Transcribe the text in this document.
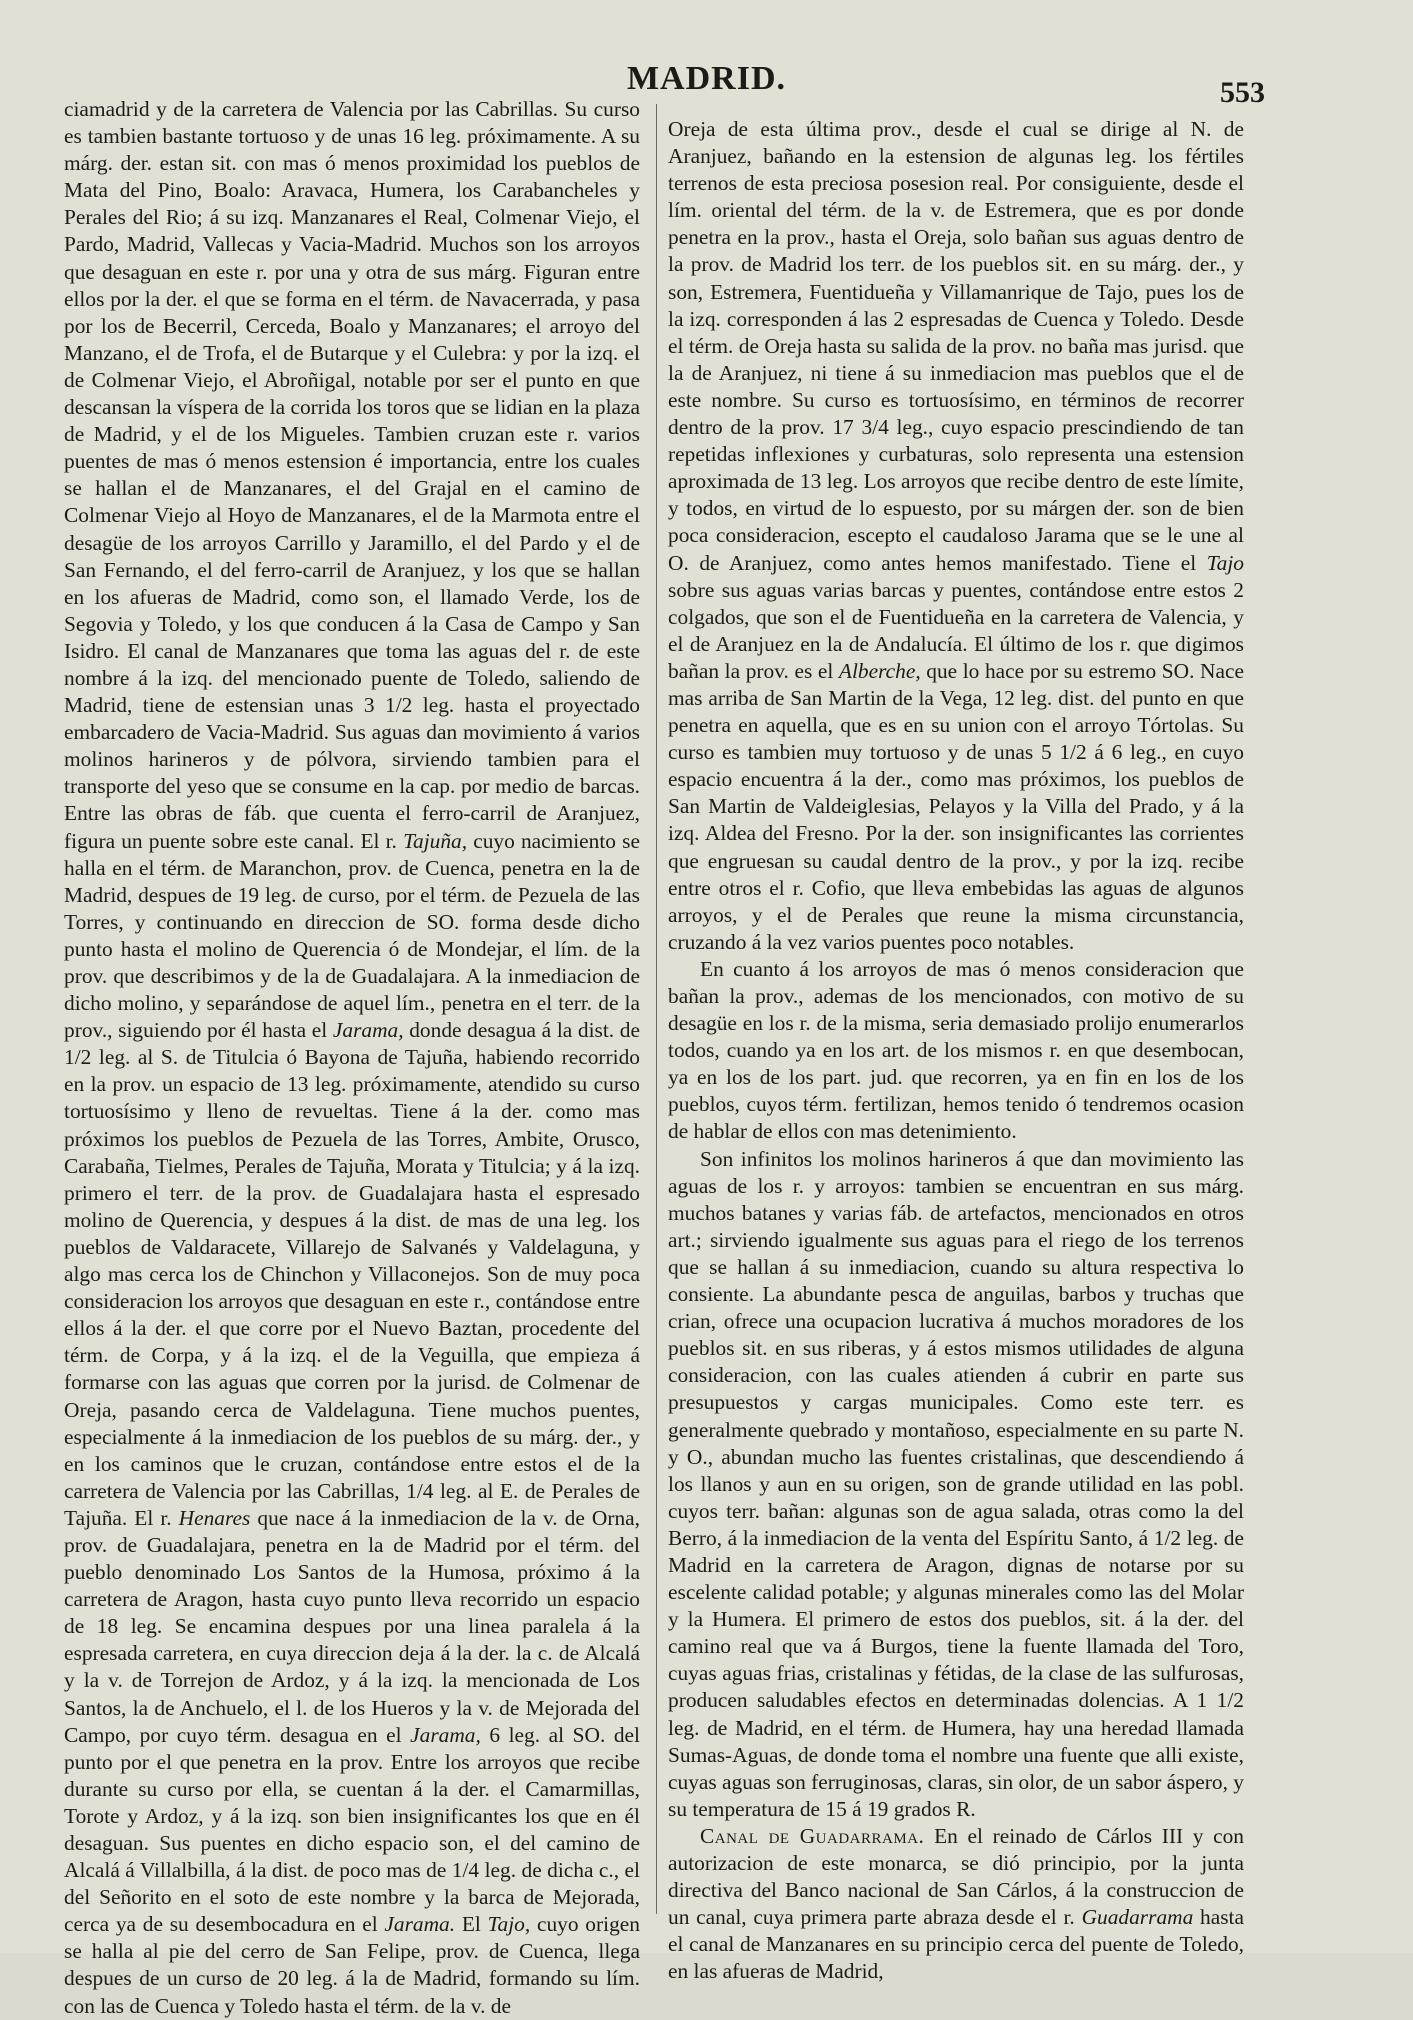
MADRID.	553

ciamadrid y de la carretera de Valencia por las Cabrillas. Su curso es tambien bastante tortuoso y de unas 16 leg. próximamente. A su márg. der. estan sit. con mas ó menos proximidad los pueblos de Mata del Pino, Boalo: Aravaca, Humera, los Carabancheles y Perales del Rio; á su izq. Manzanares el Real, Colmenar Viejo, el Pardo, Madrid, Vallecas y Vacia-Madrid. Muchos son los arroyos que desaguan en este r. por una y otra de sus márg. Figuran entre ellos por la der. el que se forma en el térm. de Navacerrada, y pasa por los de Becerril, Cerceda, Boalo y Manzanares; el arroyo del Manzano, el de Trofa, el de Butarque y el Culebra: y por la izq. el de Colmenar Viejo, el Abroñigal, notable por ser el punto en que descansan la víspera de la corrida los toros que se lidian en la plaza de Madrid, y el de los Migueles. Tambien cruzan este r. varios puentes de mas ó menos estension é importancia, entre los cuales se hallan el de Manzanares, el del Grajal en el camino de Colmenar Viejo al Hoyo de Manzanares, el de la Marmota entre el desagüe de los arroyos Carrillo y Jaramillo, el del Pardo y el de San Fernando, el del ferro-carril de Aranjuez, y los que se hallan en los afueras de Madrid, como son, el llamado Verde, los de Segovia y Toledo, y los que conducen á la Casa de Campo y San Isidro. El canal de Manzanares que toma las aguas del r. de este nombre á la izq. del mencionado puente de Toledo, saliendo de Madrid, tiene de estensian unas 3 1/2 leg. hasta el proyectado embarcadero de Vacia-Madrid. Sus aguas dan movimiento á varios molinos harineros y de pólvora, sirviendo tambien para el transporte del yeso que se consume en la cap. por medio de barcas. Entre las obras de fáb. que cuenta el ferro-carril de Aranjuez, figura un puente sobre este canal. El r. Tajuña, cuyo nacimiento se halla en el térm. de Maranchon, prov. de Cuenca, penetra en la de Madrid, despues de 19 leg. de curso, por el térm. de Pezuela de las Torres, y continuando en direccion de SO. forma desde dicho punto hasta el molino de Querencia ó de Mondejar, el lím. de la prov. que describimos y de la de Guadalajara. A la inmediacion de dicho molino, y separándose de aquel lím., penetra en el terr. de la prov., siguiendo por él hasta el Jarama, donde desagua á la dist. de 1/2 leg. al S. de Titulcia ó Bayona de Tajuña, habiendo recorrido en la prov. un espacio de 13 leg. próximamente, atendido su curso tortuosísimo y lleno de revueltas. Tiene á la der. como mas próximos los pueblos de Pezuela de las Torres, Ambite, Orusco, Carabaña, Tielmes, Perales de Tajuña, Morata y Titulcia; y á la izq. primero el terr. de la prov. de Guadalajara hasta el espresado molino de Querencia, y despues á la dist. de mas de una leg. los pueblos de Valdaracete, Villarejo de Salvanés y Valdelaguna, y algo mas cerca los de Chinchon y Villaconejos. Son de muy poca consideracion los arroyos que desaguan en este r., contándose entre ellos á la der. el que corre por el Nuevo Baztan, procedente del térm. de Corpa, y á la izq. el de la Veguilla, que empieza á formarse con las aguas que corren por la jurisd. de Colmenar de Oreja, pasando cerca de Valdelaguna. Tiene muchos puentes, especialmente á la inmediacion de los pueblos de su márg. der., y en los caminos que le cruzan, contándose entre estos el de la carretera de Valencia por las Cabrillas, 1/4 leg. al E. de Perales de Tajuña. El r. Henares que nace á la inmediacion de la v. de Orna, prov. de Guadalajara, penetra en la de Madrid por el térm. del pueblo denominado Los Santos de la Humosa, próximo á la carretera de Aragon, hasta cuyo punto lleva recorrido un espacio de 18 leg. Se encamina despues por una linea paralela á la espresada carretera, en cuya direccion deja á la der. la c. de Alcalá y la v. de Torrejon de Ardoz, y á la izq. la mencionada de Los Santos, la de Anchuelo, el l. de los Hueros y la v. de Mejorada del Campo, por cuyo térm. desagua en el Jarama, 6 leg. al SO. del punto por el que penetra en la prov. Entre los arroyos que recibe durante su curso por ella, se cuentan á la der. el Camarmillas, Torote y Ardoz, y á la izq. son bien insignificantes los que en él desaguan. Sus puentes en dicho espacio son, el del camino de Alcalá á Villalbilla, á la dist. de poco mas de 1/4 leg. de dicha c., el del Señorito en el soto de este nombre y la barca de Mejorada, cerca ya de su desembocadura en el Jarama. El Tajo, cuyo origen se halla al pie del cerro de San Felipe, prov. de Cuenca, llega despues de un curso de 20 leg. á la de Madrid, formando su lím. con las de Cuenca y Toledo hasta el térm. de la v. de

Oreja de esta última prov., desde el cual se dirige al N. de Aranjuez, bañando en la estension de algunas leg. los fértiles terrenos de esta preciosa posesion real. Por consiguiente, desde el lím. oriental del térm. de la v. de Estremera, que es por donde penetra en la prov., hasta el Oreja, solo bañan sus aguas dentro de la prov. de Madrid los terr. de los pueblos sit. en su márg. der., y son, Estremera, Fuentidueña y Villamanrique de Tajo, pues los de la izq. corresponden á las 2 espresadas de Cuenca y Toledo. Desde el térm. de Oreja hasta su salida de la prov. no baña mas jurisd. que la de Aranjuez, ni tiene á su inmediacion mas pueblos que el de este nombre. Su curso es tortuosísimo, en términos de recorrer dentro de la prov. 17 3/4 leg., cuyo espacio prescindiendo de tan repetidas inflexiones y curbaturas, solo representa una estension aproximada de 13 leg. Los arroyos que recibe dentro de este límite, y todos, en virtud de lo espuesto, por su márgen der. son de bien poca consideracion, escepto el caudaloso Jarama que se le une al O. de Aranjuez, como antes hemos manifestado. Tiene el Tajo sobre sus aguas varias barcas y puentes, contándose entre estos 2 colgados, que son el de Fuentidueña en la carretera de Valencia, y el de Aranjuez en la de Andalucía. El último de los r. que digimos bañan la prov. es el Alberche, que lo hace por su estremo SO. Nace mas arriba de San Martin de la Vega, 12 leg. dist. del punto en que penetra en aquella, que es en su union con el arroyo Tórtolas. Su curso es tambien muy tortuoso y de unas 5 1/2 á 6 leg., en cuyo espacio encuentra á la der., como mas próximos, los pueblos de San Martin de Valdeiglesias, Pelayos y la Villa del Prado, y á la izq. Aldea del Fresno. Por la der. son insignificantes las corrientes que engruesan su caudal dentro de la prov., y por la izq. recibe entre otros el r. Cofio, que lleva embebidas las aguas de algunos arroyos, y el de Perales que reune la misma circunstancia, cruzando á la vez varios puentes poco notables.

En cuanto á los arroyos de mas ó menos consideracion que bañan la prov., ademas de los mencionados, con motivo de su desagüe en los r. de la misma, seria demasiado prolijo enumerarlos todos, cuando ya en los art. de los mismos r. en que desembocan, ya en los de los part. jud. que recorren, ya en fin en los de los pueblos, cuyos térm. fertilizan, hemos tenido ó tendremos ocasion de hablar de ellos con mas detenimiento.

Son infinitos los molinos harineros á que dan movimiento las aguas de los r. y arroyos: tambien se encuentran en sus márg. muchos batanes y varias fáb. de artefactos, mencionados en otros art.; sirviendo igualmente sus aguas para el riego de los terrenos que se hallan á su inmediacion, cuando su altura respectiva lo consiente. La abundante pesca de anguilas, barbos y truchas que crian, ofrece una ocupacion lucrativa á muchos moradores de los pueblos sit. en sus riberas, y á estos mismos utilidades de alguna consideracion, con las cuales atienden á cubrir en parte sus presupuestos y cargas municipales. Como este terr. es generalmente quebrado y montañoso, especialmente en su parte N. y O., abundan mucho las fuentes cristalinas, que descendiendo á los llanos y aun en su origen, son de grande utilidad en las pobl. cuyos terr. bañan: algunas son de agua salada, otras como la del Berro, á la inmediacion de la venta del Espíritu Santo, á 1/2 leg. de Madrid en la carretera de Aragon, dignas de notarse por su escelente calidad potable; y algunas minerales como las del Molar y la Humera. El primero de estos dos pueblos, sit. á la der. del camino real que va á Burgos, tiene la fuente llamada del Toro, cuyas aguas frias, cristalinas y fétidas, de la clase de las sulfurosas, producen saludables efectos en determinadas dolencias. A 1 1/2 leg. de Madrid, en el térm. de Humera, hay una heredad llamada Sumas-Aguas, de donde toma el nombre una fuente que alli existe, cuyas aguas son ferruginosas, claras, sin olor, de un sabor áspero, y su temperatura de 15 á 19 grados R.

Canal de Guadarrama. En el reinado de Cárlos III y con autorizacion de este monarca, se dió principio, por la junta directiva del Banco nacional de San Cárlos, á la construccion de un canal, cuya primera parte abraza desde el r. Guadarrama hasta el canal de Manzanares en su principio cerca del puente de Toledo, en las afueras de Madrid,
